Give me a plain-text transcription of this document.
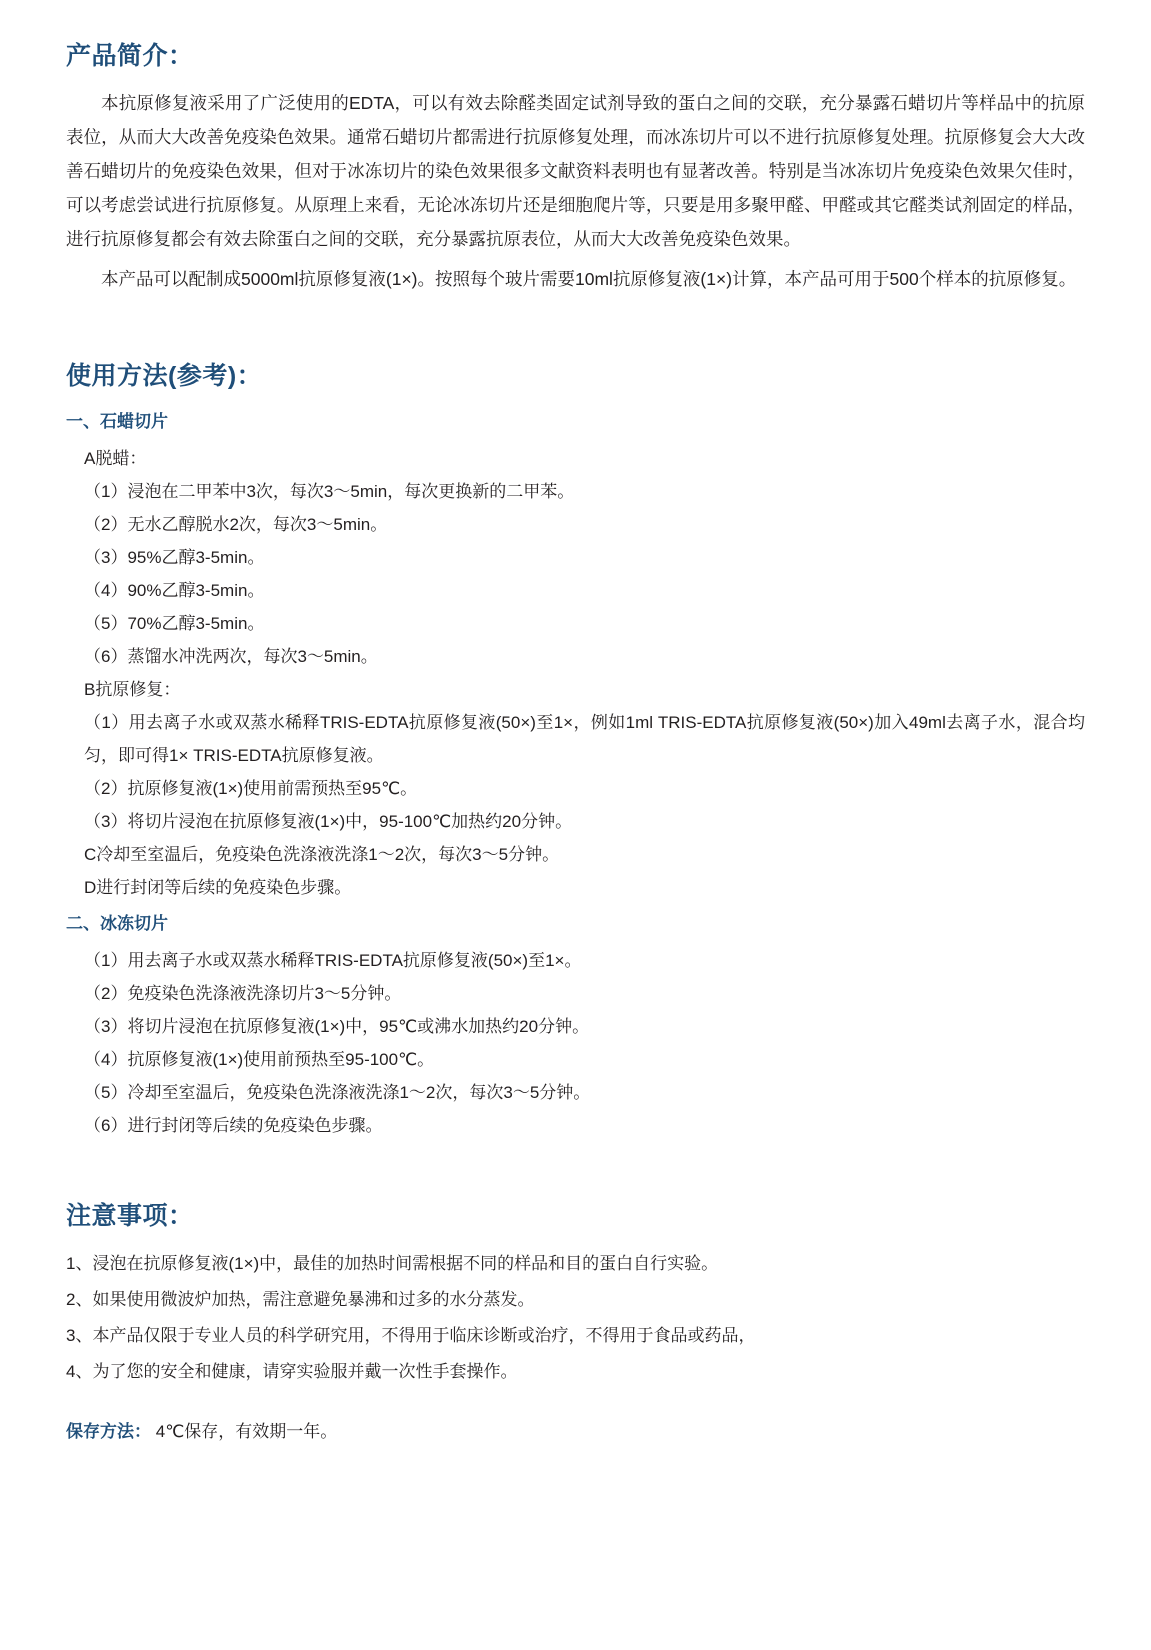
产品简介：

本抗原修复液采用了广泛使用的EDTA，可以有效去除醛类固定试剂导致的蛋白之间的交联，充分暴露石蜡切片等样品中的抗原表位，从而大大改善免疫染色效果。通常石蜡切片都需进行抗原修复处理，而冰冻切片可以不进行抗原修复处理。抗原修复会大大改善石蜡切片的免疫染色效果，但对于冰冻切片的染色效果很多文献资料表明也有显著改善。特别是当冰冻切片免疫染色效果欠佳时，可以考虑尝试进行抗原修复。从原理上来看，无论冰冻切片还是细胞爬片等，只要是用多聚甲醛、甲醛或其它醛类试剂固定的样品，进行抗原修复都会有效去除蛋白之间的交联，充分暴露抗原表位，从而大大改善免疫染色效果。

本产品可以配制成5000ml抗原修复液(1×)。按照每个玻片需要10ml抗原修复液(1×)计算，本产品可用于500个样本的抗原修复。

使用方法(参考)：
一、石蜡切片
A脱蜡：
（1）浸泡在二甲苯中3次，每次3～5min，每次更换新的二甲苯。
（2）无水乙醇脱水2次，每次3～5min。
（3）95%乙醇3-5min。
（4）90%乙醇3-5min。
（5）70%乙醇3-5min。
（6）蒸馏水冲洗两次，每次3～5min。
B抗原修复：
（1）用去离子水或双蒸水稀释TRIS-EDTA抗原修复液(50×)至1×，例如1ml TRIS-EDTA抗原修复液(50×)加入49ml去离子水，混合均匀，即可得1× TRIS-EDTA抗原修复液。
（2）抗原修复液(1×)使用前需预热至95℃。
（3）将切片浸泡在抗原修复液(1×)中，95-100℃加热约20分钟。
C冷却至室温后，免疫染色洗涤液洗涤1～2次，每次3～5分钟。
D进行封闭等后续的免疫染色步骤。
二、冰冻切片
（1）用去离子水或双蒸水稀释TRIS-EDTA抗原修复液(50×)至1×。
（2）免疫染色洗涤液洗涤切片3～5分钟。
（3）将切片浸泡在抗原修复液(1×)中，95℃或沸水加热约20分钟。
（4）抗原修复液(1×)使用前预热至95-100℃。
（5）冷却至室温后，免疫染色洗涤液洗涤1～2次，每次3～5分钟。
（6）进行封闭等后续的免疫染色步骤。
注意事项：
1、浸泡在抗原修复液(1×)中，最佳的加热时间需根据不同的样品和目的蛋白自行实验。
2、如果使用微波炉加热，需注意避免暴沸和过多的水分蒸发。
3、本产品仅限于专业人员的科学研究用，不得用于临床诊断或治疗，不得用于食品或药品，
4、为了您的安全和健康，请穿实验服并戴一次性手套操作。
保存方法： 4℃保存，有效期一年。
